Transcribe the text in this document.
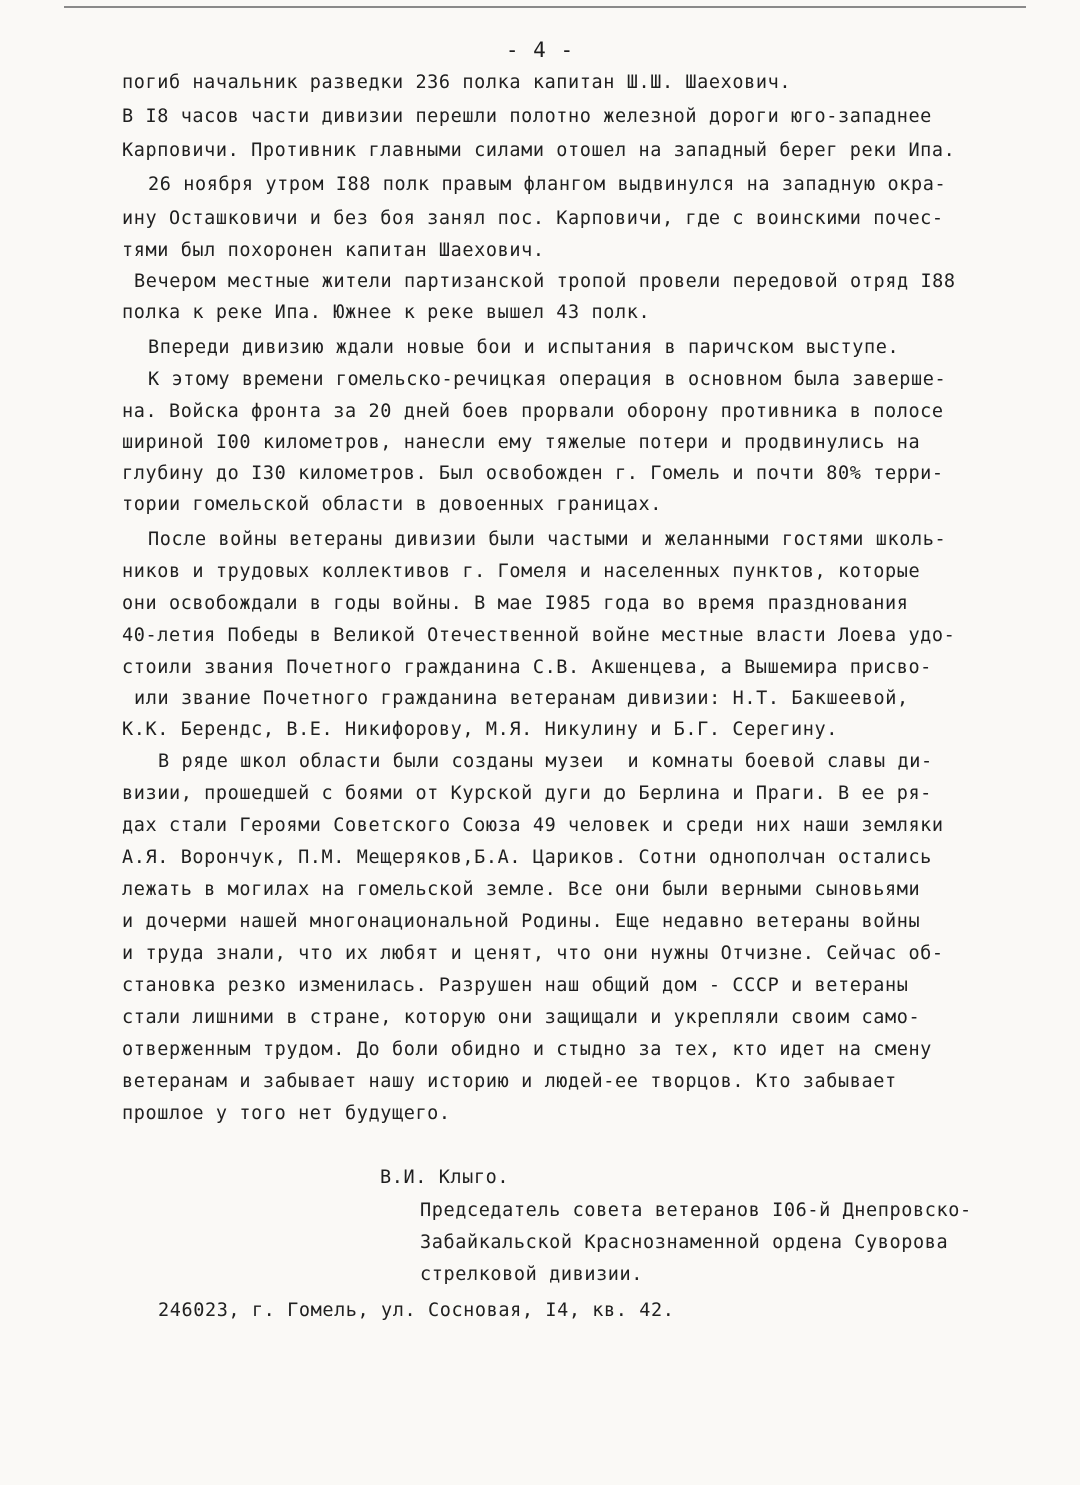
- 4 -
погиб начальник разведки 236 полка капитан Ш.Ш. Шаехович.
В I8 часов части дивизии перешли полотно железной дороги юго-западнее
Карповичи. Противник главными силами отошел на западный берег реки Ипа.
26 ноября утром I88 полк правым флангом выдвинулся на западную окра-
ину Осташковичи и без боя занял пос. Карповичи, где с воинскими почес-
тями был похоронен капитан Шаехович.
Вечером местные жители партизанской тропой провели передовой отряд I88
полка к реке Ипа. Южнее к реке вышел 43 полк.
Впереди дивизию ждали новые бои и испытания в паричском выступе.
К этому времени гомельско-речицкая операция в основном была заверше-
на. Войска фронта за 20 дней боев прорвали оборону противника в полосе
шириной I00 километров, нанесли ему тяжелые потери и продвинулись на
глубину до I30 километров. Был освобожден г. Гомель и почти 80% терри-
тории гомельской области в довоенных границах.
После войны ветераны дивизии были частыми и желанными гостями школь-
ников и трудовых коллективов г. Гомеля и населенных пунктов, которые
они освобождали в годы войны. В мае I985 года во время празднования
40-летия Победы в Великой Отечественной войне местные власти Лоева удо-
стоили звания Почетного гражданина С.В. Акшенцева, а Вышемира присво-
или звание Почетного гражданина ветеранам дивизии: Н.Т. Бакшеевой,
К.К. Берендс, В.Е. Никифорову, М.Я. Никулину и Б.Г. Серегину.
В ряде школ области были созданы музеи  и комнаты боевой славы ди-
визии, прошедшей с боями от Курской дуги до Берлина и Праги. В ее ря-
дах стали Героями Советского Союза 49 человек и среди них наши земляки
А.Я. Ворончук, П.М. Мещеряков,Б.А. Цариков. Сотни однополчан остались
лежать в могилах на гомельской земле. Все они были верными сыновьями
и дочерми нашей многонациональной Родины. Еще недавно ветераны войны
и труда знали, что их любят и ценят, что они нужны Отчизне. Сейчас об-
становка резко изменилась. Разрушен наш общий дом - СССР и ветераны
стали лишними в стране, которую они защищали и укрепляли своим само-
отверженным трудом. До боли обидно и стыдно за тех, кто идет на смену
ветеранам и забывает нашу историю и людей-ее творцов. Кто забывает
прошлое у того нет будущего.
В.И. Клыго.
Председатель совета ветеранов I06-й Днепровско-
Забайкальской Краснознаменной ордена Суворова
стрелковой дивизии.
246023, г. Гомель, ул. Сосновая, I4, кв. 42.
